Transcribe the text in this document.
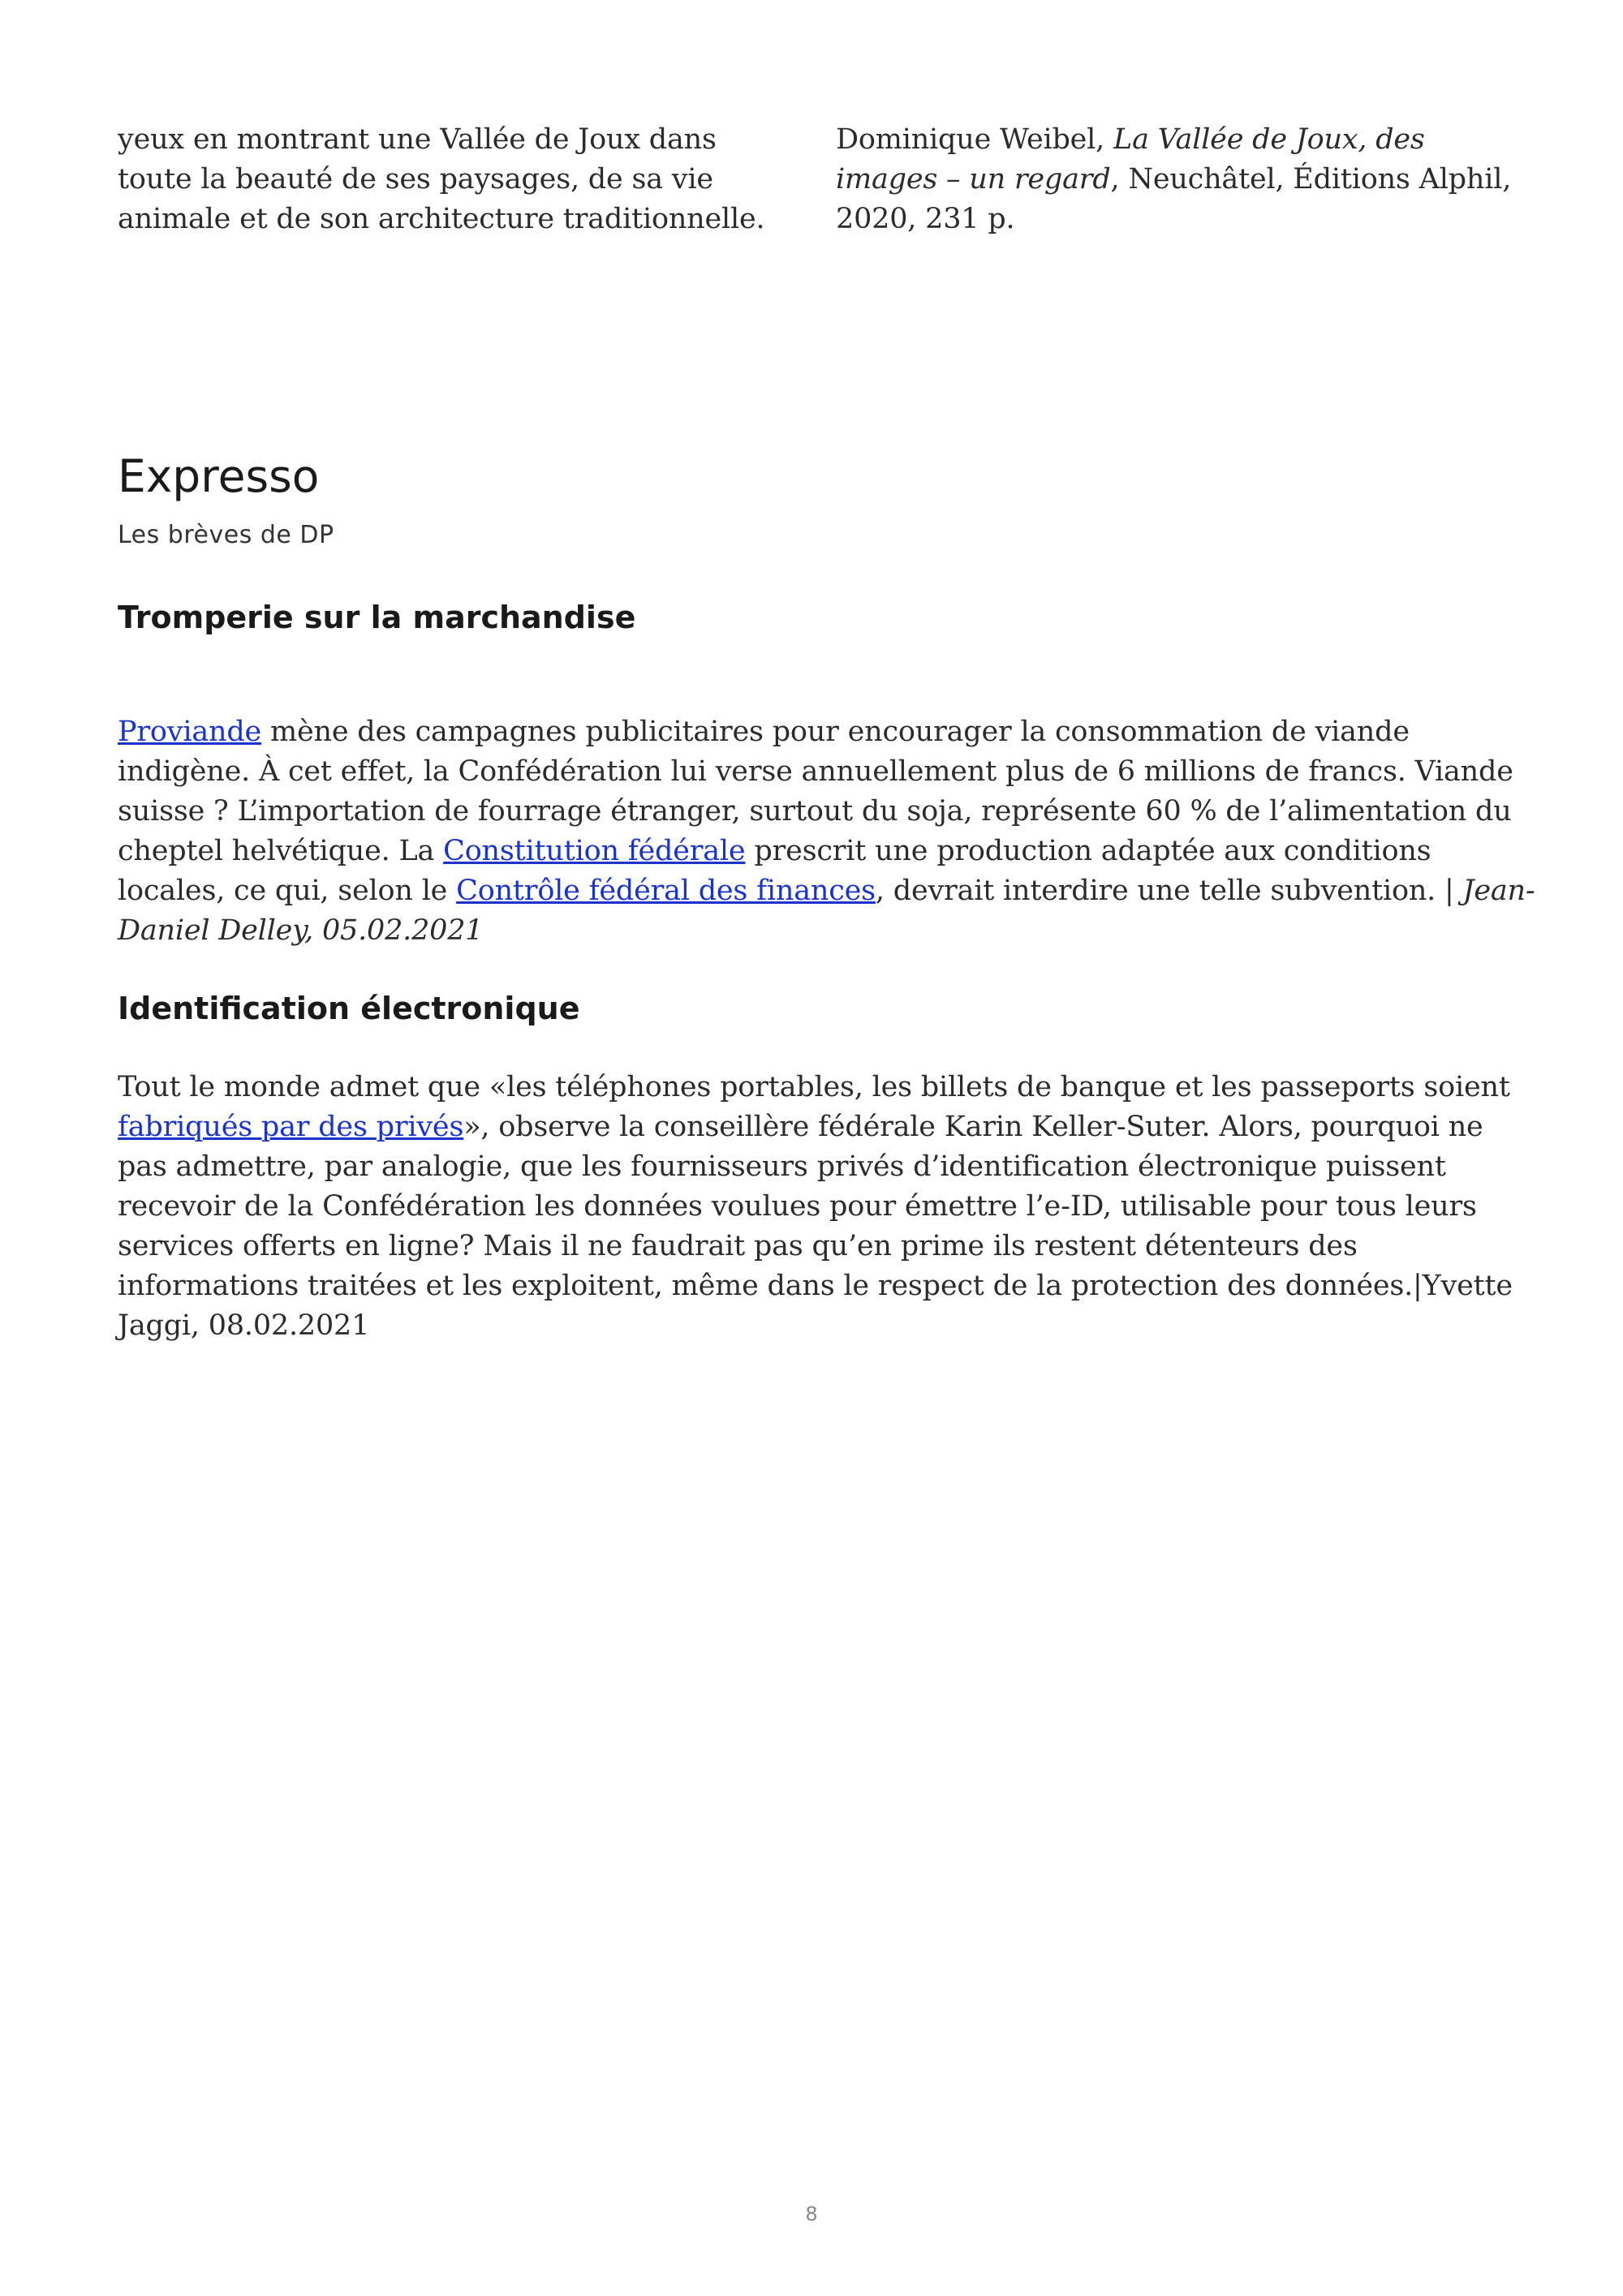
yeux en montrant une Vallée de Joux dans toute la beauté de ses paysages, de sa vie animale et de son architecture traditionnelle.
Dominique Weibel, La Vallée de Joux, des images – un regard, Neuchâtel, Éditions Alphil, 2020, 231 p.
Expresso
Les brèves de DP
Tromperie sur la marchandise

Proviande mène des campagnes publicitaires pour encourager la consommation de viande indigène. À cet effet, la Confédération lui verse annuellement plus de 6 millions de francs. Viande suisse ? L’importation de fourrage étranger, surtout du soja, représente 60 % de l’alimentation du cheptel helvétique. La Constitution fédérale prescrit une production adaptée aux conditions locales, ce qui, selon le Contrôle fédéral des finances, devrait interdire une telle subvention. | Jean-Daniel Delley, 05.02.2021

Identification électronique

Tout le monde admet que «les téléphones portables, les billets de banque et les passeports soient fabriqués par des privés», observe la conseillère fédérale Karin Keller-Suter. Alors, pourquoi ne pas admettre, par analogie, que les fournisseurs privés d’identification électronique puissent recevoir de la Confédération les données voulues pour émettre l’e-ID, utilisable pour tous leurs services offerts en ligne? Mais il ne faudrait pas qu’en prime ils restent détenteurs des informations traitées et les exploitent, même dans le respect de la protection des données.|Yvette Jaggi, 08.02.2021

8
